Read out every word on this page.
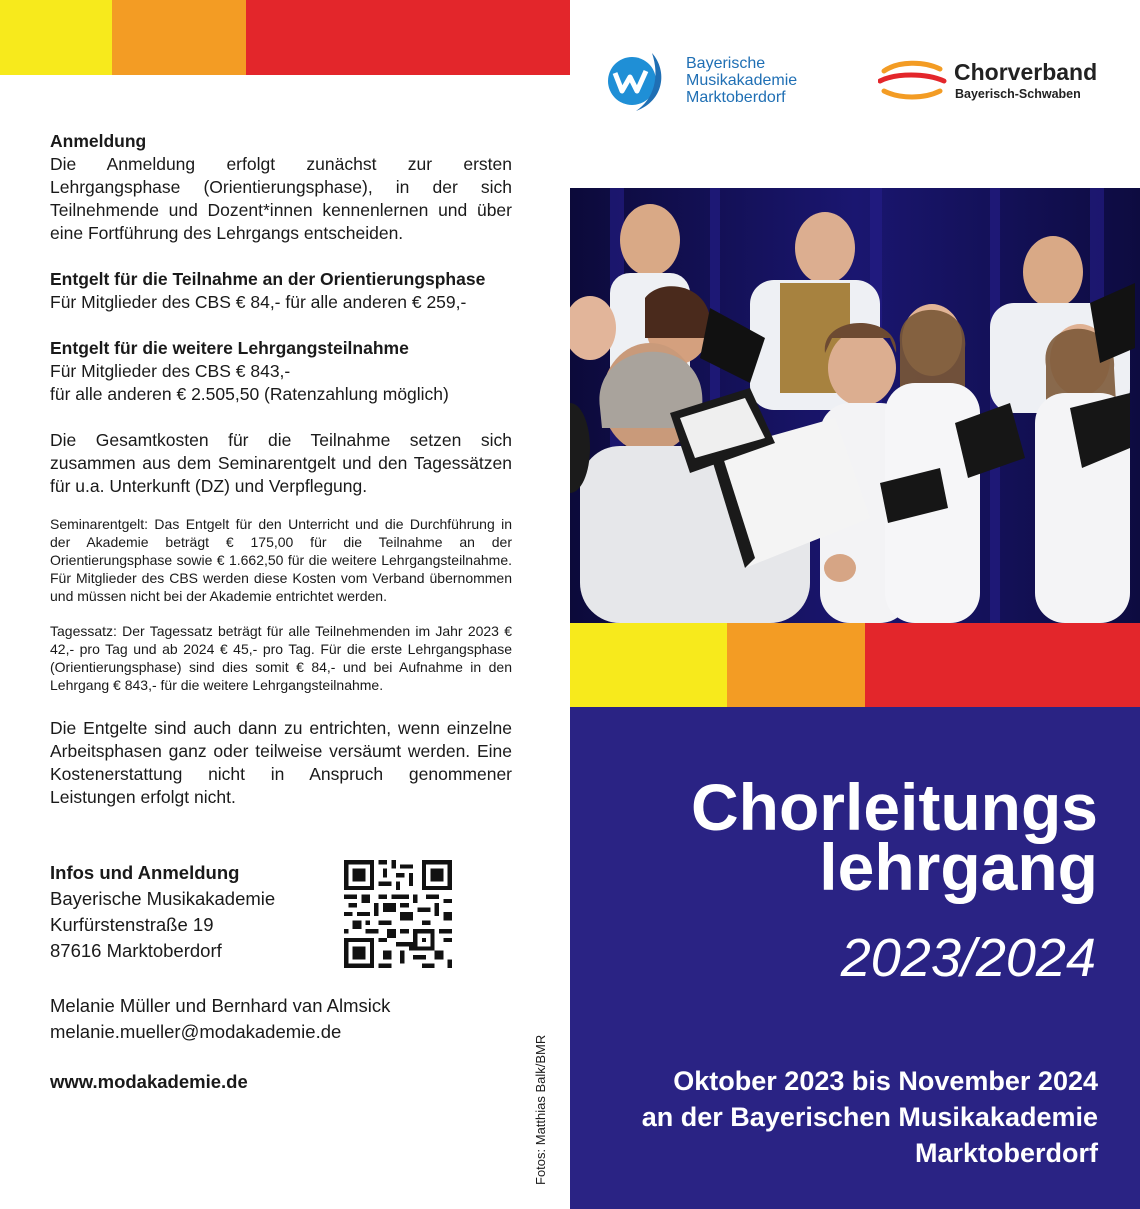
Anmeldung

Die Anmeldung erfolgt zunächst zur ersten Lehrgangsphase (Orientierungsphase), in der sich Teilnehmende und Dozent*innen kennenlernen und über eine Fortführung des Lehrgangs entscheiden.

Entgelt für die Teilnahme an der Orientierungsphase

Für Mitglieder des CBS € 84,- für alle anderen € 259,-

Entgelt für die weitere Lehrgangsteilnahme

Für Mitglieder des CBS € 843,-

für alle anderen € 2.505,50 (Ratenzahlung möglich)

Die Gesamtkosten für die Teilnahme setzen sich zusammen aus dem Seminarentgelt und den Tagessätzen für u.a. Unterkunft (DZ) und Verpflegung.

Seminarentgelt: Das Entgelt für den Unterricht und die Durchführung in der Akademie beträgt € 175,00 für die Teilnahme an der Orientierungsphase sowie € 1.662,50 für die weitere Lehrgangsteilnahme. Für Mitglieder des CBS werden diese Kosten vom Verband übernommen und müssen nicht bei der Akademie entrichtet werden.

Tagessatz: Der Tagessatz beträgt für alle Teilnehmenden im Jahr 2023 € 42,- pro Tag und ab 2024 € 45,- pro Tag. Für die erste Lehrgangsphase (Orientierungsphase) sind dies somit € 84,- und bei Aufnahme in den Lehrgang € 843,- für die weitere Lehrgangsteilnahme.

Die Entgelte sind auch dann zu entrichten, wenn einzelne Arbeitsphasen ganz oder teilweise versäumt werden. Eine Kostenerstattung nicht in Anspruch genommener Leistungen erfolgt nicht.

Infos und Anmeldung

Bayerische Musikakademie

Kurfürstenstraße 19

87616 Marktoberdorf

Melanie Müller und Bernhard van Almsick

melanie.mueller@modakademie.de

www.modakademie.de	Fotos: Matthias Balk/BMR
Bayerische
Musikakademie
Marktoberdorf
Chorverband
Bayerisch-Schwaben
Chorleitungs
lehrgang
2023/2024
Oktober 2023 bis November 2024
an der Bayerischen Musikakademie
Marktoberdorf
